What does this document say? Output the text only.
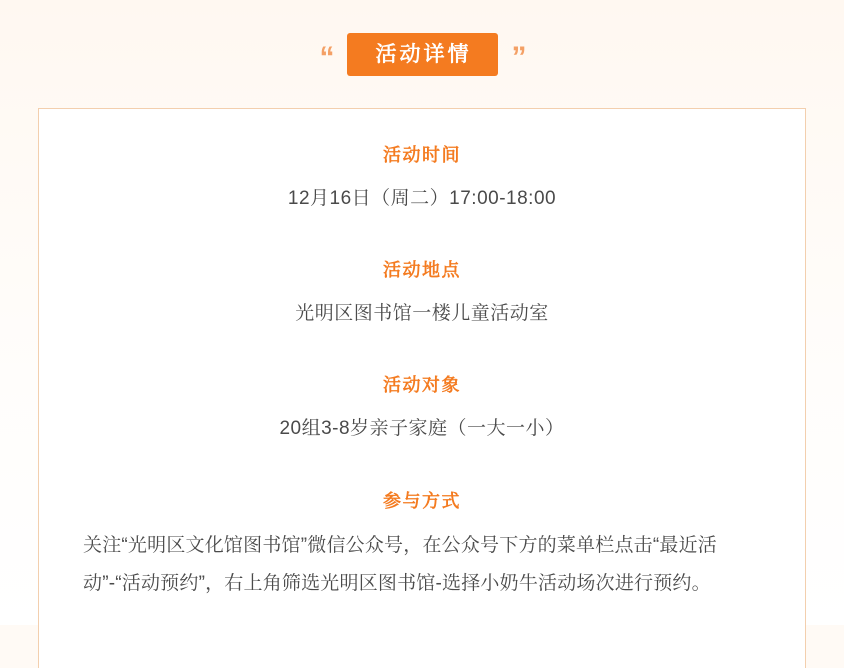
“	活动详情	”

活动时间

12月16日（周二）17:00-18:00

活动地点

光明区图书馆一楼儿童活动室

活动对象

20组3-8岁亲子家庭（一大一小）

参与方式

关注“光明区文化馆图书馆”微信公众号，在公众号下方的菜单栏点击“最近活动”-“活动预约”，右上角筛选光明区图书馆-选择小奶牛活动场次进行预约。
